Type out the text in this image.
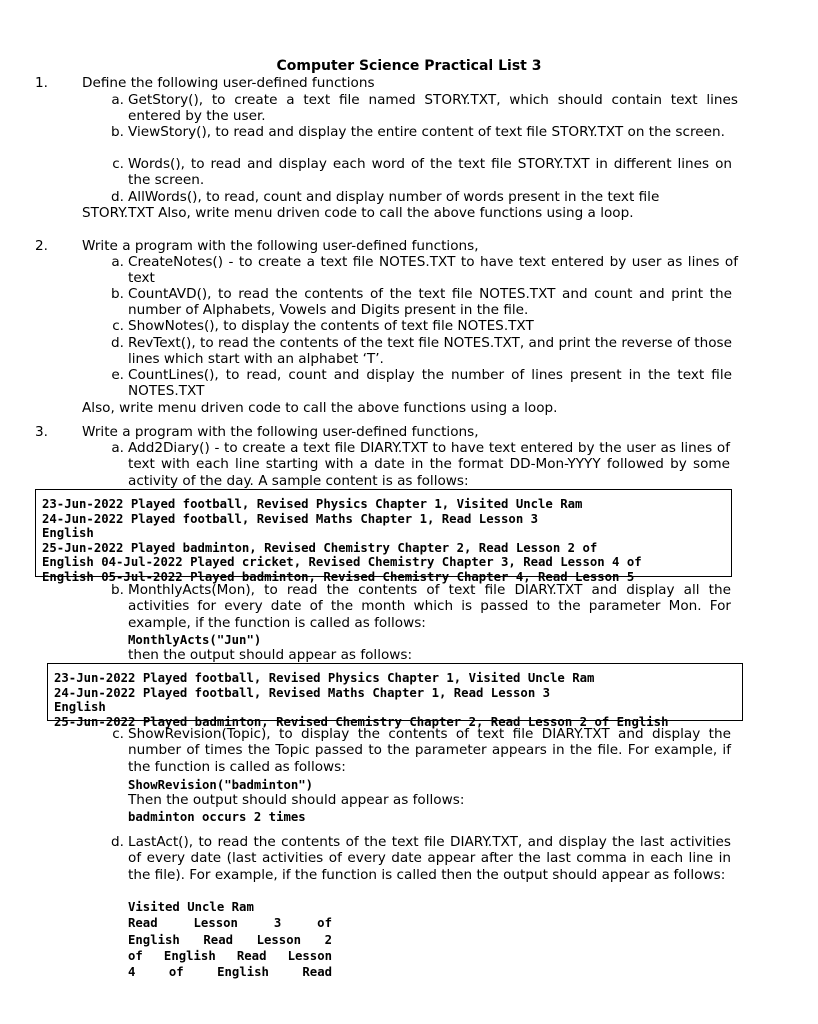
Computer Science Practical List 3
1.	Define the following user-defined functions
a. GetStory(), to create a text file named STORY.TXT, which should contain text lines entered by the user.
b. ViewStory(), to read and display the entire content of text file STORY.TXT on the screen.
c. Words(), to read and display each word of the text file STORY.TXT in different lines on the screen.
d. AllWords(), to read, count and display number of words present in the text file
STORY.TXT Also, write menu driven code to call the above functions using a loop.
2.	Write a program with the following user-defined functions,
a. CreateNotes() - to create a text file NOTES.TXT to have text entered by user as lines of text
b. CountAVD(), to read the contents of the text file NOTES.TXT and count and print the number of Alphabets, Vowels and Digits present in the file.
c. ShowNotes(), to display the contents of text file NOTES.TXT
d. RevText(), to read the contents of the text file NOTES.TXT, and print the reverse of those lines which start with an alphabet ‘T’.
e. CountLines(), to read, count and display the number of lines present in the text file NOTES.TXT
Also, write menu driven code to call the above functions using a loop.
3.	Write a program with the following user-defined functions,
a. Add2Diary() - to create a text file DIARY.TXT to have text entered by the user as lines of text with each line starting with a date in the format DD-Mon-YYYY followed by some activity of the day. A sample content is as follows:
23-Jun-2022 Played football, Revised Physics Chapter 1, Visited Uncle Ram
24-Jun-2022 Played football, Revised Maths Chapter 1, Read Lesson 3
English
25-Jun-2022 Played badminton, Revised Chemistry Chapter 2, Read Lesson 2 of
English 04-Jul-2022 Played cricket, Revised Chemistry Chapter 3, Read Lesson 4 of
English 05-Jul-2022 Played badminton, Revised Chemistry Chapter 4, Read Lesson 5
b. MonthlyActs(Mon), to read the contents of text file DIARY.TXT and display all the activities for every date of the month which is passed to the parameter Mon. For example, if the function is called as follows:
MonthlyActs("Jun")
then the output should appear as follows:
23-Jun-2022 Played football, Revised Physics Chapter 1, Visited Uncle Ram
24-Jun-2022 Played football, Revised Maths Chapter 1, Read Lesson 3
English
25-Jun-2022 Played badminton, Revised Chemistry Chapter 2, Read Lesson 2 of English
c. ShowRevision(Topic), to display the contents of text file DIARY.TXT and display the number of times the Topic passed to the parameter appears in the file. For example, if the function is called as follows:
ShowRevision("badminton")
Then the output should should appear as follows:
badminton occurs 2 times
d. LastAct(), to read the contents of the text file DIARY.TXT, and display the last activities of every date (last activities of every date appear after the last comma in each line in the file). For example, if the function is called then the output should appear as follows:
Visited Uncle Ram
Read Lesson 3 of
English Read Lesson 2
of English Read Lesson
4 of English Read
